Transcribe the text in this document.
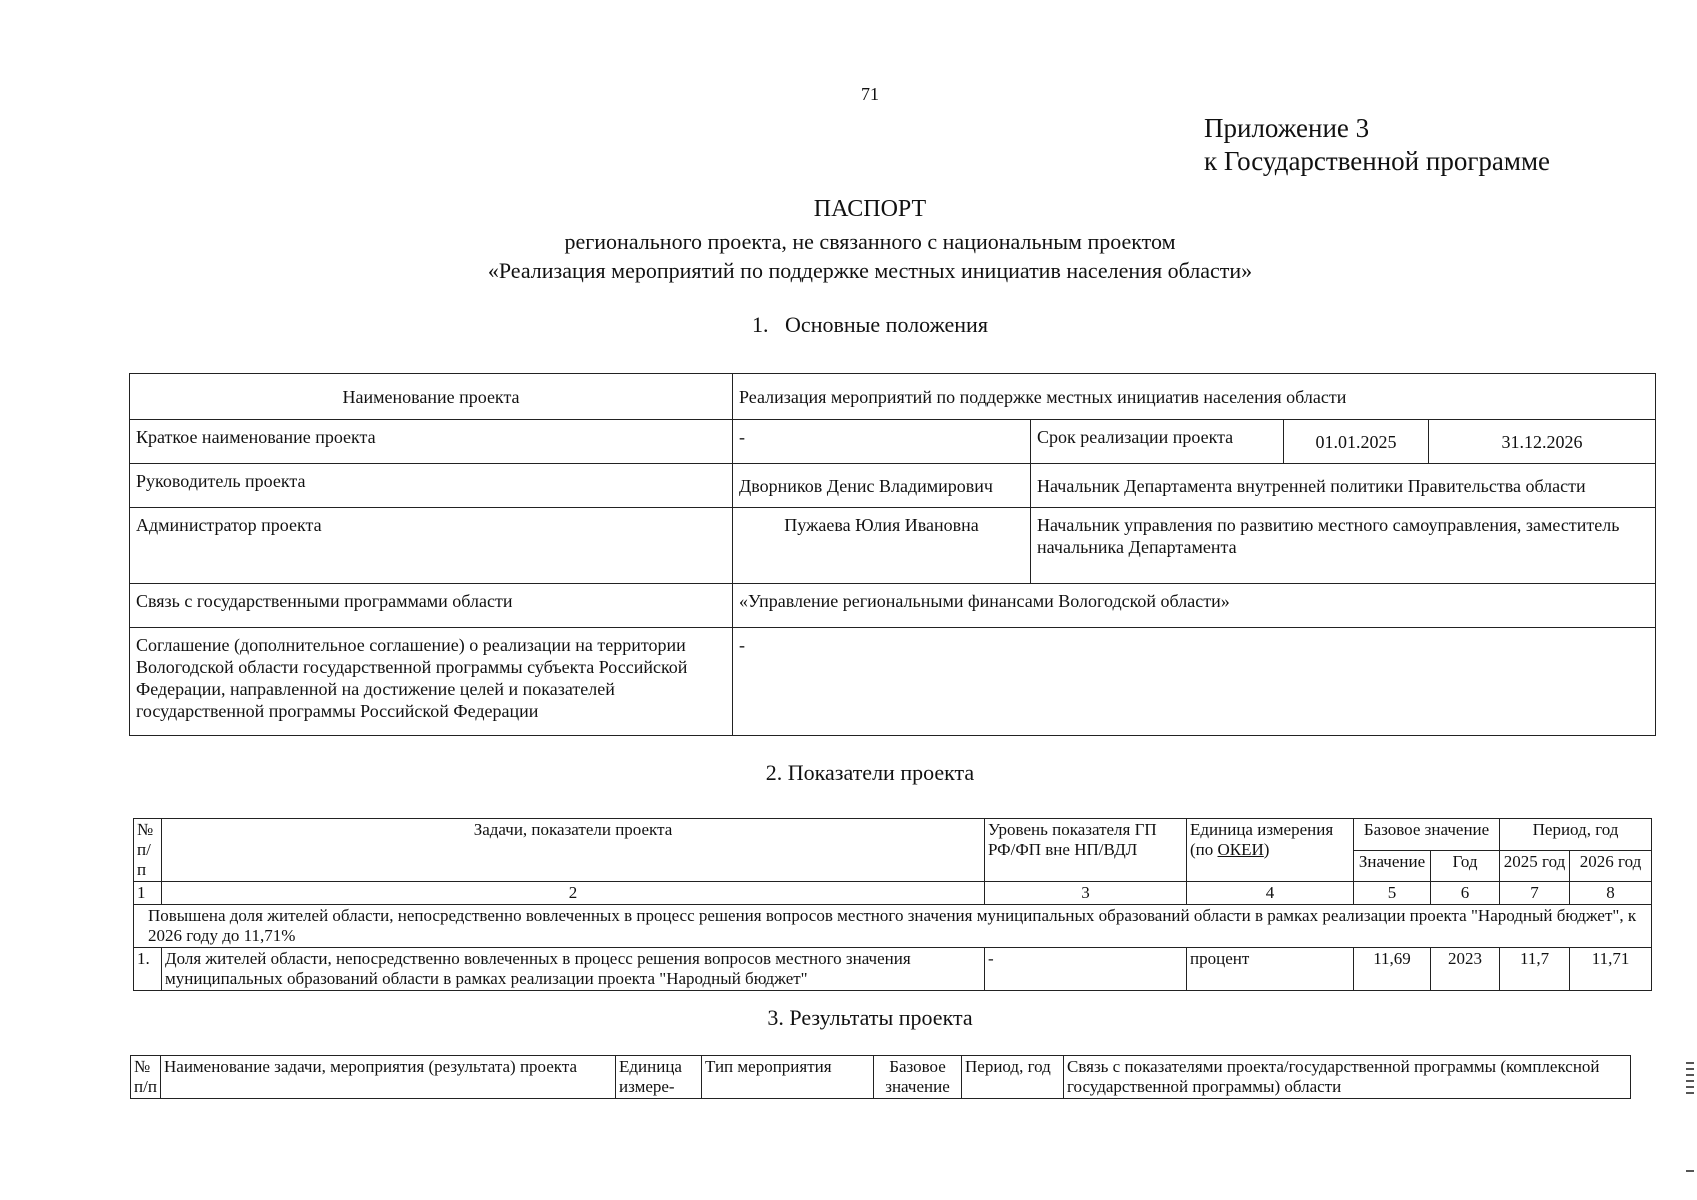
71
Приложение 3
к Государственной программе
ПАСПОРТ
регионального проекта, не связанного с национальным проектом
«Реализация мероприятий по поддержке местных инициатив населения области»
1.   Основные положения
Наименование проекта	Реализация мероприятий по поддержке местных инициатив населения области			
Краткое наименование проекта	-	Срок реализации проекта	01.01.2025	31.12.2026
Руководитель проекта	Дворников Денис Владимирович	Начальник Департамента внутренней политики Правительства области		
Администратор проекта	Пужаева Юлия Ивановна	Начальник управления по развитию местного самоуправления, заместитель начальника Департамента		
Связь с государственными программами области	«Управление региональными финансами Вологодской области»			
Соглашение (дополнительное соглашение) о реализации на территории Вологодской области государственной программы субъекта Российской Федерации, направленной на достижение целей и показателей государственной программы Российской Федерации	-			
2. Показатели проекта
№ п/п	Задачи, показатели проекта	Уровень показателя ГП РФ/ФП вне НП/ВДЛ	Единица измерения (по ОКЕИ)	Базовое значение		Период, год	
				Значение	Год	2025 год	2026 год
1	2	3	4	5	6	7	8
Повышена доля жителей области, непосредственно вовлеченных в процесс решения вопросов местного значения муниципальных образований области в рамках реализации проекта "Народный бюджет", к 2026 году до 11,71%							
1.	Доля жителей области, непосредственно вовлеченных в процесс решения вопросов местного значения муниципальных образований области в рамках реализации проекта "Народный бюджет"	-	процент	11,69	2023	11,7	11,71
3. Результаты проекта
№ п/п	Наименование задачи, мероприятия (результата) проекта	Единица измере-	Тип мероприятия	Базовое значение	Период, год	Связь с показателями проекта/государственной программы (комплексной государственной программы) области
